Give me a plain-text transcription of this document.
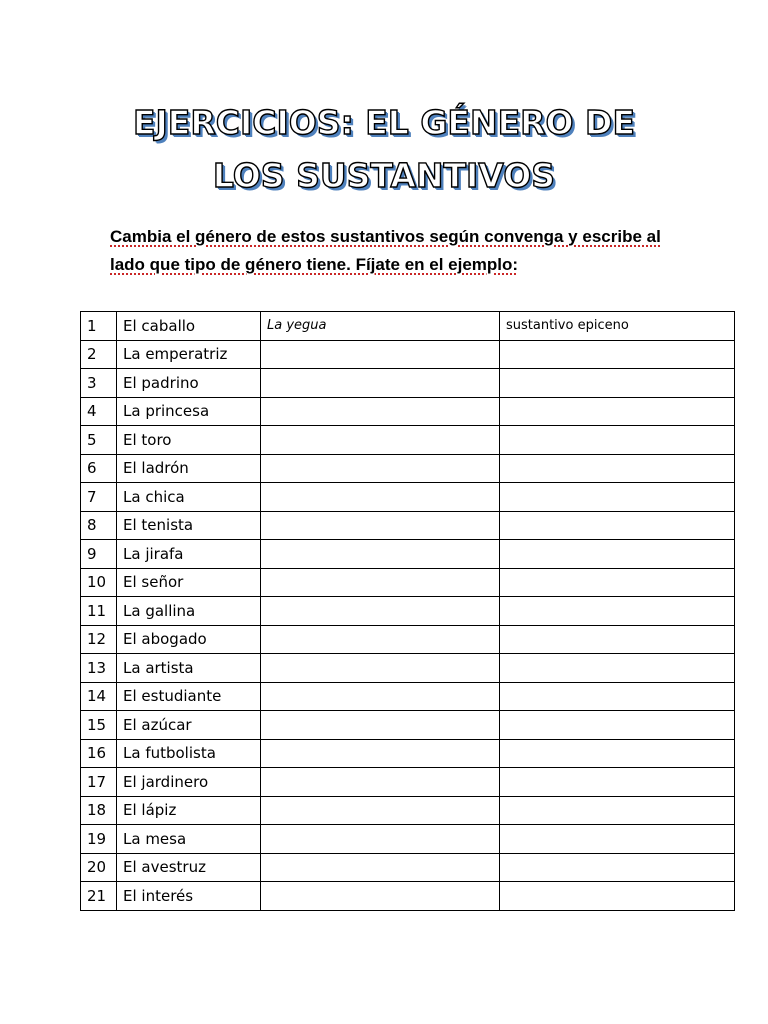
EJERCICIOS: EL GÉNERO DE
LOS SUSTANTIVOS
Cambia el género de estos sustantivos según convenga y escribe al
lado que tipo de género tiene. Fíjate en el ejemplo:
1	El caballo	La yegua	sustantivo epiceno
2	La emperatriz		
3	El padrino		
4	La princesa		
5	El toro		
6	El ladrón		
7	La chica		
8	El tenista		
9	La jirafa		
10	El señor		
11	La gallina		
12	El abogado		
13	La artista		
14	El estudiante		
15	El azúcar		
16	La futbolista		
17	El jardinero		
18	El lápiz		
19	La mesa		
20	El avestruz		
21	El interés		
